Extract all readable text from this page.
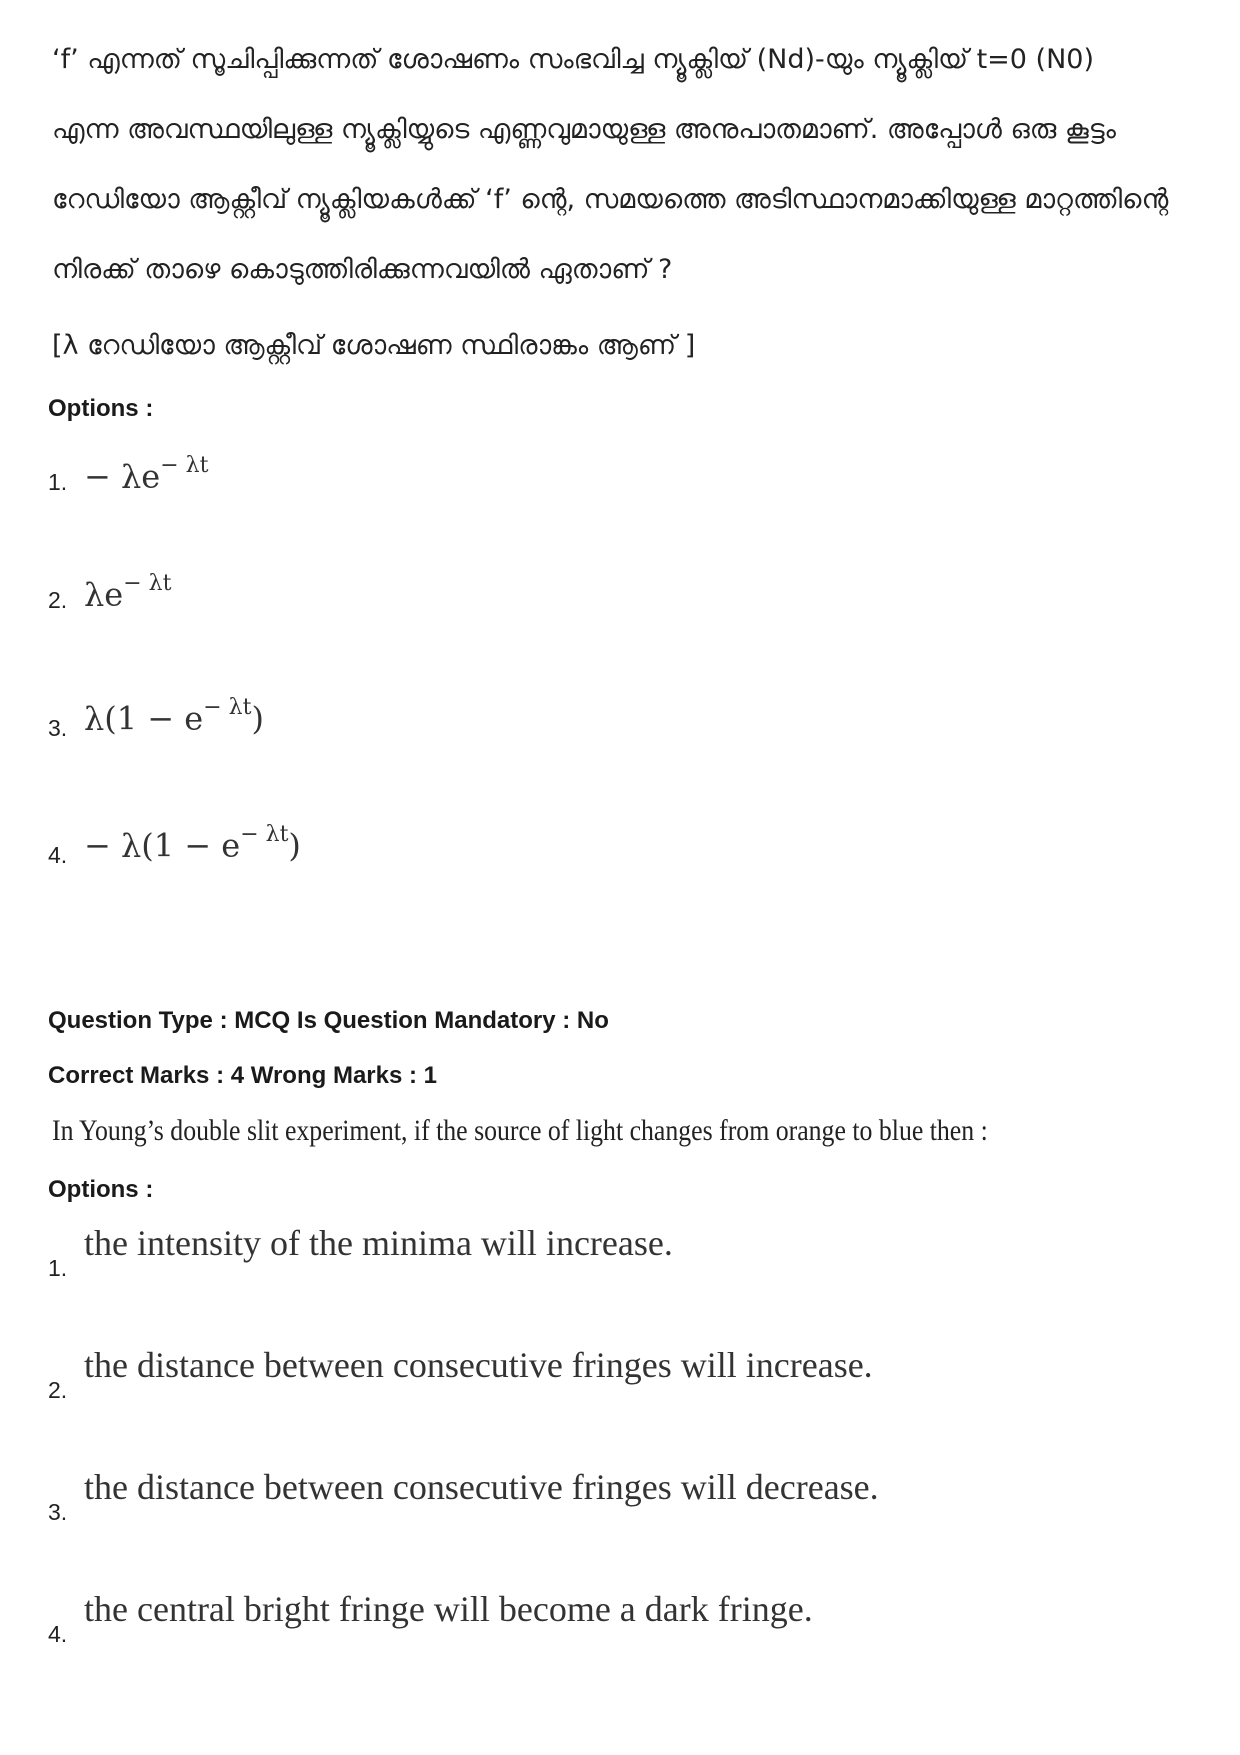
‘f’ എന്നത് സൂചിപ്പിക്കുന്നത് ശോഷണം സംഭവിച്ച ന്യൂക്ലിയ് (Nd)-യും ന്യൂക്ലിയ് t=0 (N0)
എന്ന അവസ്ഥയിലുള്ള ന്യൂക്ലിയ്യുടെ എണ്ണവുമായുള്ള അനുപാതമാണ്. അപ്പോൾ ഒരു കൂട്ടം
റേഡിയോ ആക്റ്റീവ് ന്യൂക്ലിയകൾക്ക് ‘f’ ന്റെ, സമയത്തെ അടിസ്ഥാനമാക്കിയുള്ള മാറ്റത്തിന്റെ
നിരക്ക് താഴെ കൊടുത്തിരിക്കുന്നവയിൽ ഏതാണ് ?
[λ റേഡിയോ ആക്റ്റീവ് ശോഷണ സ്ഥിരാങ്കം ആണ് ]
Options :
1. − $\lambda e^{- \lambda t}$
2. $\lambda e^{- \lambda t}$
3. $\lambda(1 - e^{- \lambda t})$
4. − $\lambda(1 - e^{- \lambda t})$
Question Type : MCQ Is Question Mandatory : No
Correct Marks : 4 Wrong Marks : 1
In Young’s double slit experiment, if the source of light changes from orange to blue then :
Options :
1.
the intensity of the minima will increase.
2.
the distance between consecutive fringes will increase.
3.
the distance between consecutive fringes will decrease.
4.
the central bright fringe will become a dark fringe.
